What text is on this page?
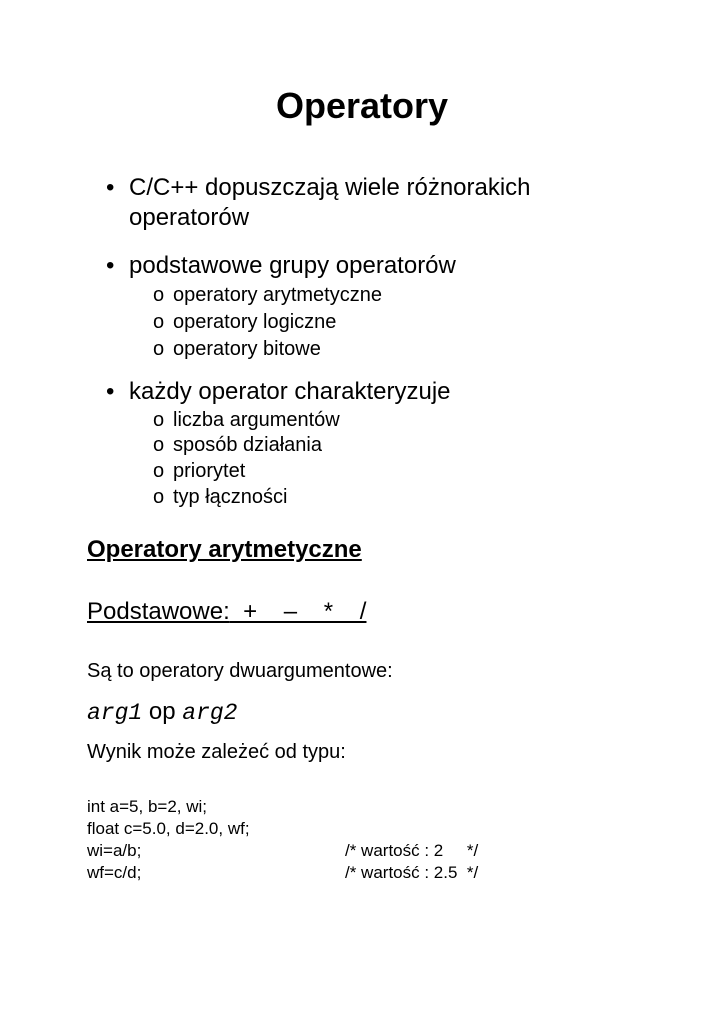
Operatory
• C/C++ dopuszczają wiele różnorakich
operatorów
• podstawowe grupy operatorów
o operatory arytmetyczne
o operatory logiczne
o operatory bitowe
• każdy operator charakteryzuje
o liczba argumentów
o sposób działania
o priorytet
o typ łączności
Operatory arytmetyczne
Podstawowe:  +    –    *    /
Są to operatory dwuargumentowe:
arg1 op arg2
Wynik może zależeć od typu:
int a=5, b=2, wi;
float c=5.0, d=2.0, wf;
wi=a/b;	/* wartość : 2     */
wf=c/d;	/* wartość : 2.5  */
